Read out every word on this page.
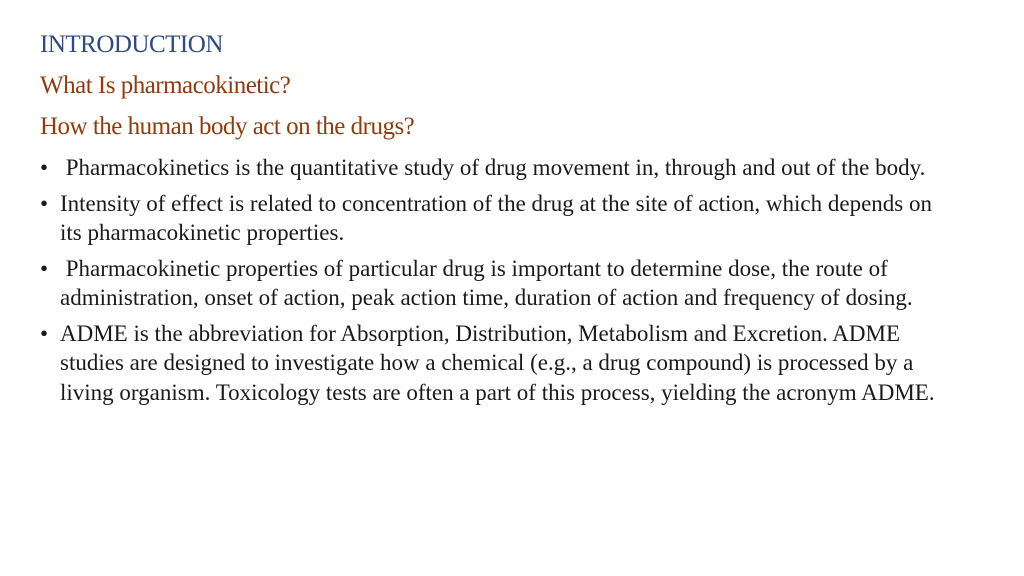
INTRODUCTION
What Is pharmacokinetic?
How the human body act on the drugs?
• Pharmacokinetics is the quantitative study of drug movement in, through and out of the body.
• Intensity of effect is related to concentration of the drug at the site of action, which depends on its pharmacokinetic properties.
• Pharmacokinetic properties of particular drug is important to determine dose, the route of administration, onset of action, peak action time, duration of action and frequency of dosing.
• ADME is the abbreviation for Absorption, Distribution, Metabolism and Excretion. ADME studies are designed to investigate how a chemical (e.g., a drug compound) is processed by a living organism. Toxicology tests are often a part of this process, yielding the acronym ADME.
